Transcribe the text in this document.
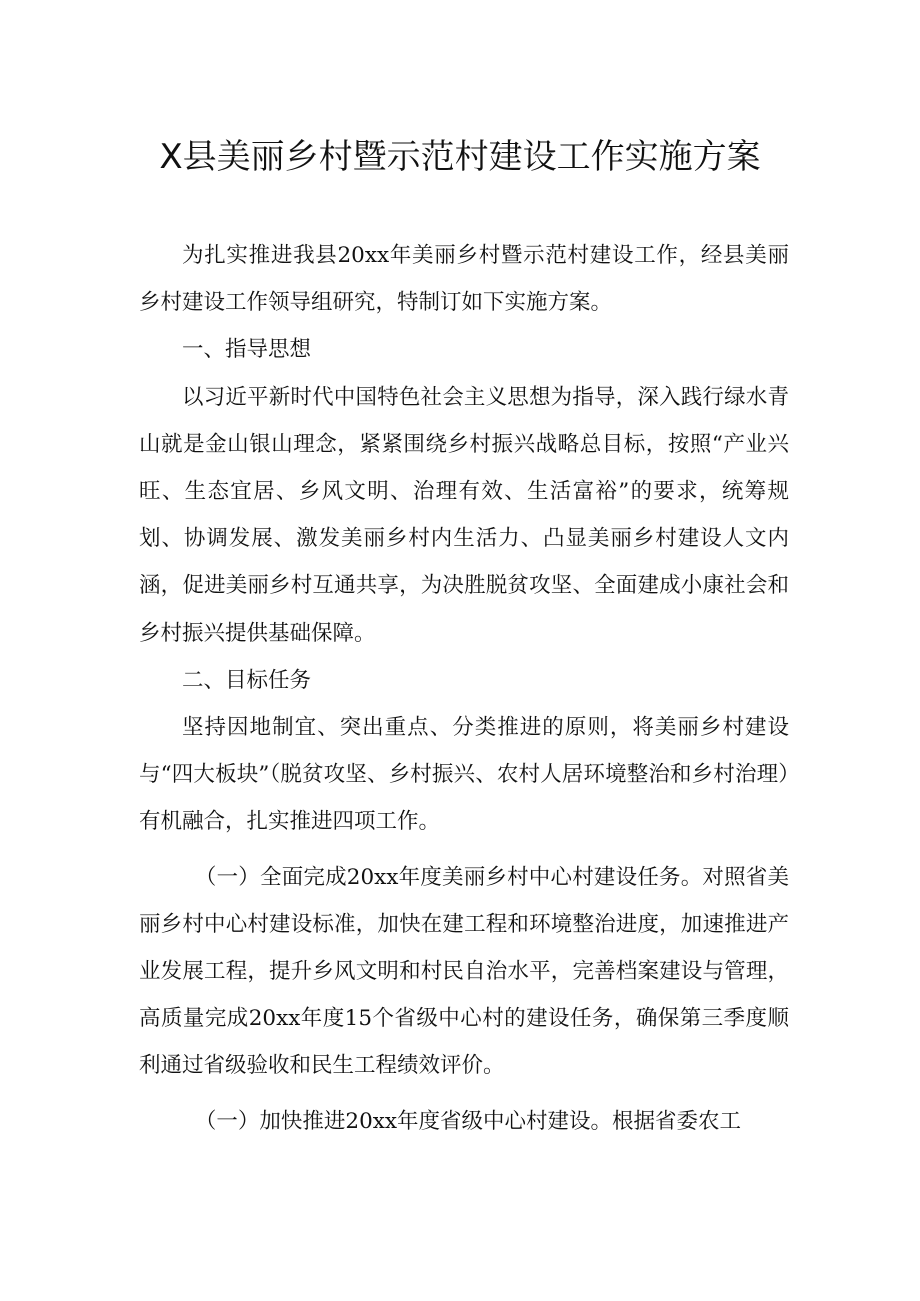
X县美丽乡村暨示范村建设工作实施方案

为扎实推进我县20xx年美丽乡村暨示范村建设工作，经县美丽乡村建设工作领导组研究，特制订如下实施方案。

一、指导思想

以习近平新时代中国特色社会主义思想为指导，深入践行绿水青山就是金山银山理念，紧紧围绕乡村振兴战略总目标，按照“产业兴旺、生态宜居、乡风文明、治理有效、生活富裕”的要求，统筹规划、协调发展、激发美丽乡村内生活力、凸显美丽乡村建设人文内涵，促进美丽乡村互通共享，为决胜脱贫攻坚、全面建成小康社会和乡村振兴提供基础保障。

二、目标任务

坚持因地制宜、突出重点、分类推进的原则，将美丽乡村建设与“四大板块”（脱贫攻坚、乡村振兴、农村人居环境整治和乡村治理）有机融合，扎实推进四项工作。

（一）全面完成20xx年度美丽乡村中心村建设任务。对照省美丽乡村中心村建设标准，加快在建工程和环境整治进度，加速推进产业发展工程，提升乡风文明和村民自治水平，完善档案建设与管理，高质量完成20xx年度15个省级中心村的建设任务，确保第三季度顺利通过省级验收和民生工程绩效评价。

（一）加快推进20xx年度省级中心村建设。根据省委农工
